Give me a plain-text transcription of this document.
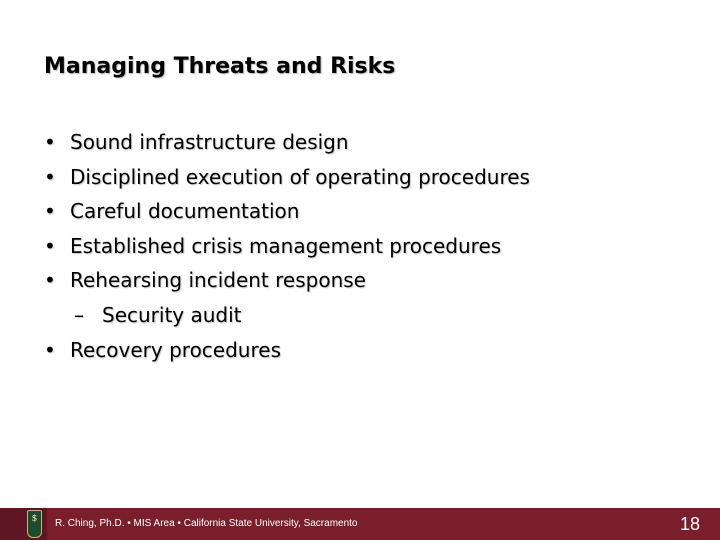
Managing Threats and Risks
• Sound infrastructure design
• Disciplined execution of operating procedures
• Careful documentation
• Established crisis management procedures
• Rehearsing incident response
– Security audit
• Recovery procedures
$	R. Ching, Ph.D. • MIS Area • California State University, Sacramento	18
